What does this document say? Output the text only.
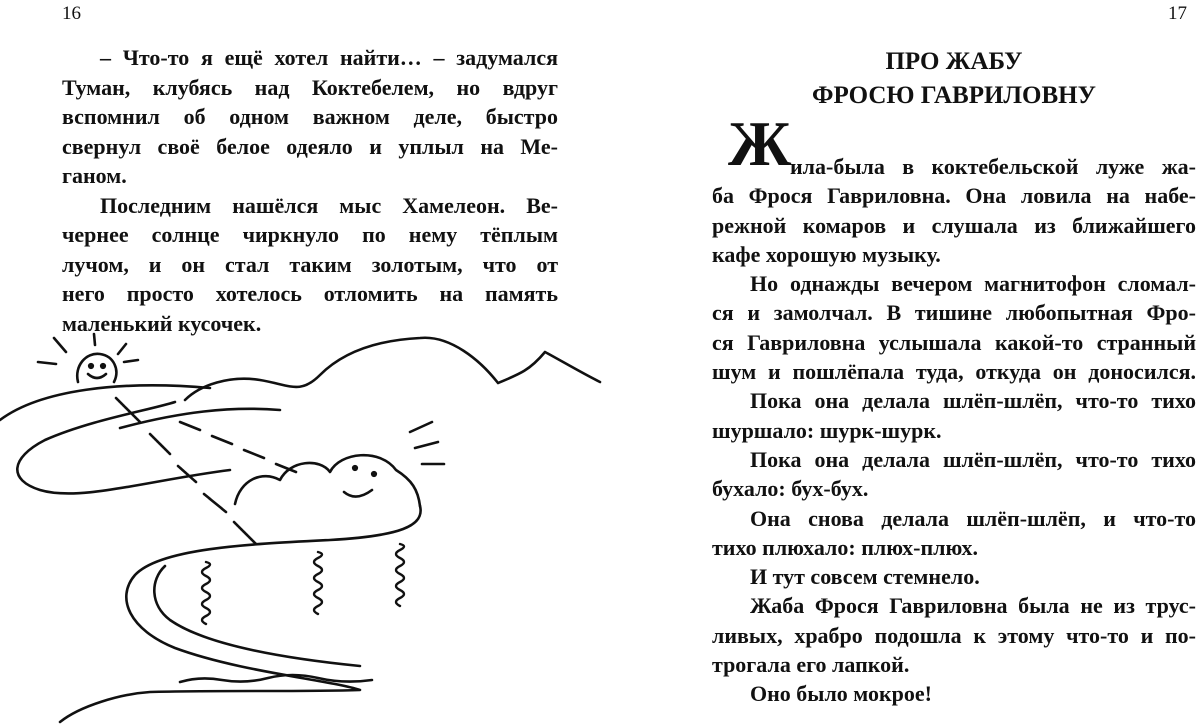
16
– Что-то я ещё хотел найти… – задумался
Туман, клубясь над Коктебелем, но вдруг
вспомнил об одном важном деле, быстро
свернул своё белое одеяло и уплыл на Ме-
ганом.
Последним нашёлся мыс Хамелеон. Ве-
чернее солнце чиркнуло по нему тёплым
лучом, и он стал таким золотым, что от
него просто хотелось отломить на память
маленький кусочек.
17
ПРО ЖАБУ
ФРОСЮ ГАВРИЛОВНУ
Ж ила-была в коктебельской луже жа-
ба Фрося Гавриловна. Она ловила на набе-
режной комаров и слушала из ближайшего
кафе хорошую музыку.
Но однажды вечером магнитофон сломал-
ся и замолчал. В тишине любопытная Фро-
ся Гавриловна услышала какой-то странный
шум и пошлёпала туда, откуда он доносился.
Пока она делала шлёп-шлёп, что-то тихо
шуршало: шурк-шурк.
Пока она делала шлёп-шлёп, что-то тихо
бухало: бух-бух.
Она снова делала шлёп-шлёп, и что-то
тихо плюхало: плюх-плюх.
И тут совсем стемнело.
Жаба Фрося Гавриловна была не из трус-
ливых, храбро подошла к этому что-то и по-
трогала его лапкой.
Оно было мокрое!
